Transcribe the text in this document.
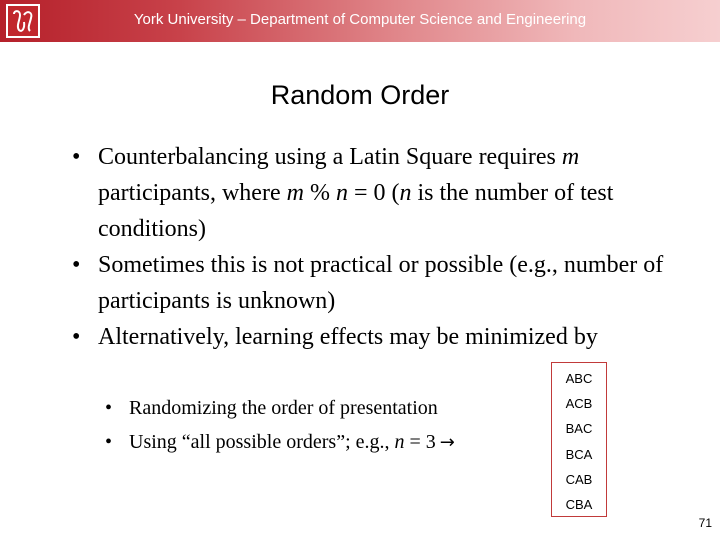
York University – Department of Computer Science and Engineering
Random Order
• Counterbalancing using a Latin Square requires m participants, where m % n = 0 (n is the number of test conditions)
• Sometimes this is not practical or possible (e.g., number of participants is unknown)
• Alternatively, learning effects may be minimized by
• Randomizing the order of presentation
• Using “all possible orders”; e.g., n = 3 →
ABC
ACB
BAC
BCA
CAB
CBA
71
